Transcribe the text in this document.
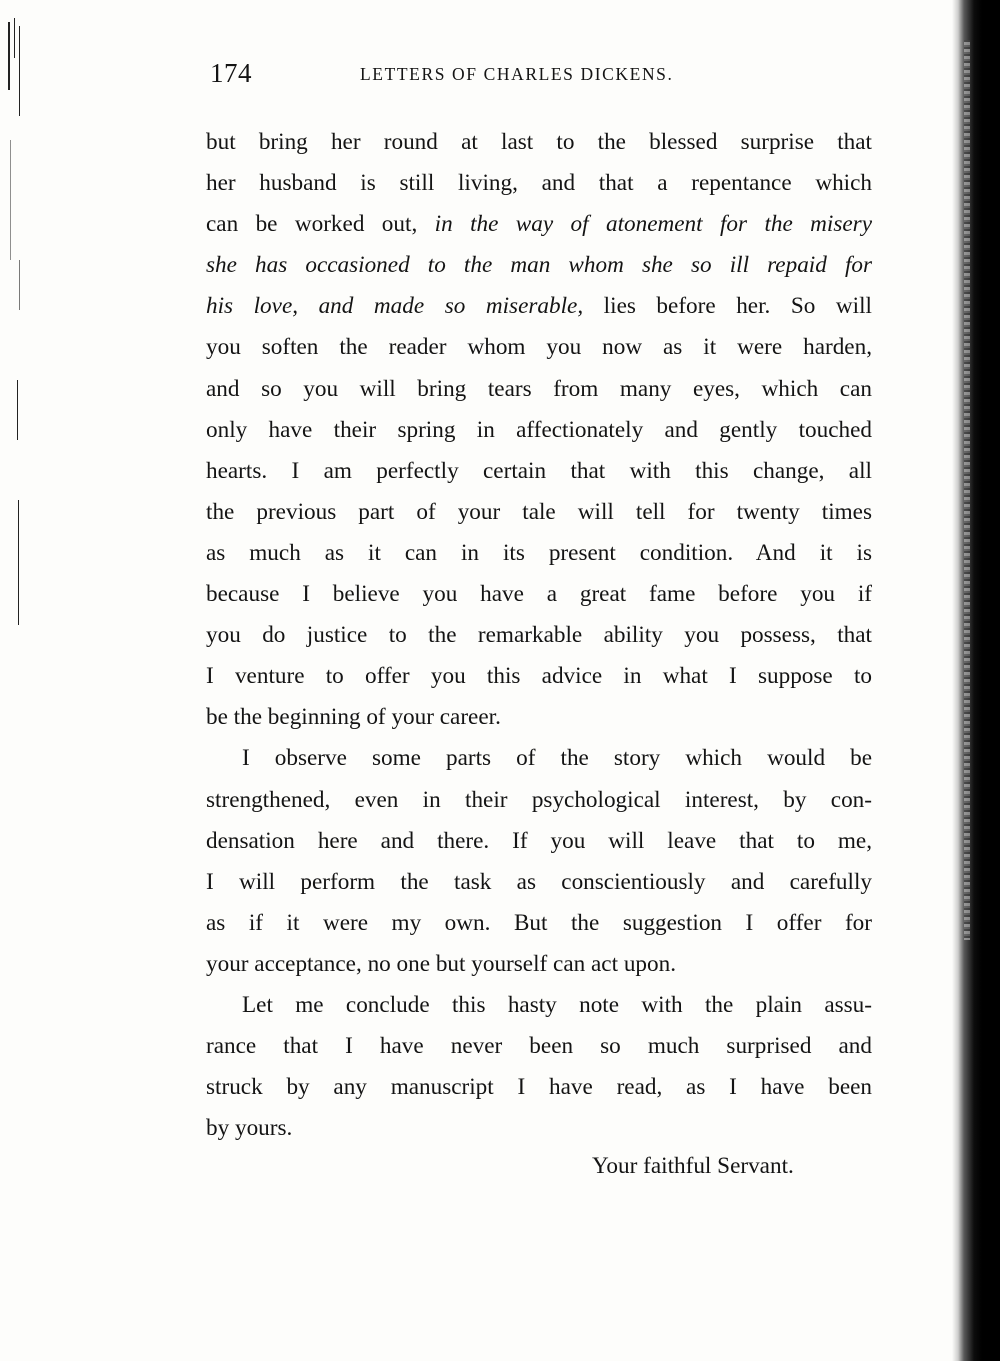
174	LETTERS OF CHARLES DICKENS.
but bring her round at last to the blessed surprise that
her husband is still living, and that a repentance which
can be worked out, in the way of atonement for the misery
she has occasioned to the man whom she so ill repaid for
his love, and made so miserable, lies before her. So will
you soften the reader whom you now as it were harden,
and so you will bring tears from many eyes, which can
only have their spring in affectionately and gently touched
hearts. I am perfectly certain that with this change, all
the previous part of your tale will tell for twenty times
as much as it can in its present condition. And it is
because I believe you have a great fame before you if
you do justice to the remarkable ability you possess, that
I venture to offer you this advice in what I suppose to
be the beginning of your career.
I observe some parts of the story which would be
strengthened, even in their psychological interest, by con-
densation here and there. If you will leave that to me,
I will perform the task as conscientiously and carefully
as if it were my own. But the suggestion I offer for
your acceptance, no one but yourself can act upon.
Let me conclude this hasty note with the plain assu-
rance that I have never been so much surprised and
struck by any manuscript I have read, as I have been
by yours.
Your faithful Servant.
